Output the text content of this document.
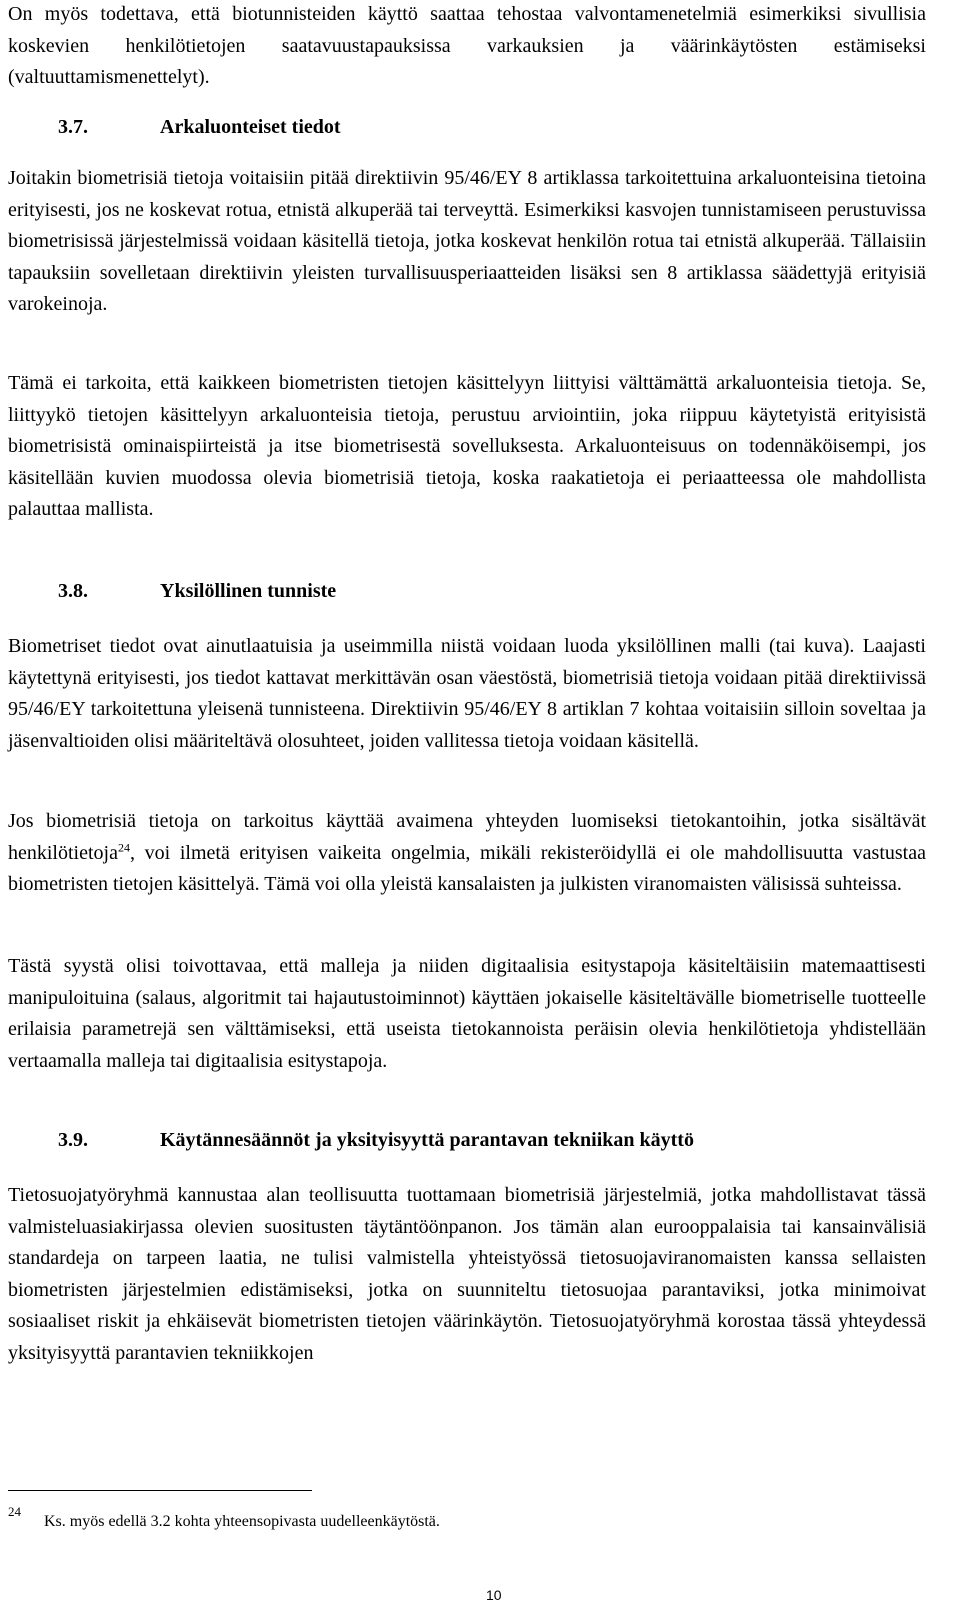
On myös todettava, että biotunnisteiden käyttö saattaa tehostaa valvontamenetelmiä esimerkiksi sivullisia koskevien henkilötietojen saatavuustapauksissa varkauksien ja väärinkäytösten estämiseksi (valtuuttamismenettelyt).

3.7.	Arkaluonteiset tiedot

Joitakin biometrisiä tietoja voitaisiin pitää direktiivin 95/46/EY 8 artiklassa tarkoitettuina arkaluonteisina tietoina erityisesti, jos ne koskevat rotua, etnistä alkuperää tai terveyttä. Esimerkiksi kasvojen tunnistamiseen perustuvissa biometrisissä järjestelmissä voidaan käsitellä tietoja, jotka koskevat henkilön rotua tai etnistä alkuperää. Tällaisiin tapauksiin sovelletaan direktiivin yleisten turvallisuusperiaatteiden lisäksi sen 8 artiklassa säädettyjä erityisiä varokeinoja.

Tämä ei tarkoita, että kaikkeen biometristen tietojen käsittelyyn liittyisi välttämättä arkaluonteisia tietoja. Se, liittyykö tietojen käsittelyyn arkaluonteisia tietoja, perustuu arviointiin, joka riippuu käytetyistä erityisistä biometrisistä ominaispiirteistä ja itse biometrisestä sovelluksesta. Arkaluonteisuus on todennäköisempi, jos käsitellään kuvien muodossa olevia biometrisiä tietoja, koska raakatietoja ei periaatteessa ole mahdollista palauttaa mallista.

3.8.	Yksilöllinen tunniste

Biometriset tiedot ovat ainutlaatuisia ja useimmilla niistä voidaan luoda yksilöllinen malli (tai kuva). Laajasti käytettynä erityisesti, jos tiedot kattavat merkittävän osan väestöstä, biometrisiä tietoja voidaan pitää direktiivissä 95/46/EY tarkoitettuna yleisenä tunnisteena. Direktiivin 95/46/EY 8 artiklan 7 kohtaa voitaisiin silloin soveltaa ja jäsenvaltioiden olisi määriteltävä olosuhteet, joiden vallitessa tietoja voidaan käsitellä.

Jos biometrisiä tietoja on tarkoitus käyttää avaimena yhteyden luomiseksi tietokantoihin, jotka sisältävät henkilötietoja$^{24}$, voi ilmetä erityisen vaikeita ongelmia, mikäli rekisteröidyllä ei ole mahdollisuutta vastustaa biometristen tietojen käsittelyä. Tämä voi olla yleistä kansalaisten ja julkisten viranomaisten välisissä suhteissa.

Tästä syystä olisi toivottavaa, että malleja ja niiden digitaalisia esitystapoja käsiteltäisiin matemaattisesti manipuloituina (salaus, algoritmit tai hajautustoiminnot) käyttäen jokaiselle käsiteltävälle biometriselle tuotteelle erilaisia parametrejä sen välttämiseksi, että useista tietokannoista peräisin olevia henkilötietoja yhdistellään vertaamalla malleja tai digitaalisia esitystapoja.

3.9.	Käytännesäännöt ja yksityisyyttä parantavan tekniikan käyttö

Tietosuojatyöryhmä kannustaa alan teollisuutta tuottamaan biometrisiä järjestelmiä, jotka mahdollistavat tässä valmisteluasiakirjassa olevien suositusten täytäntöönpanon. Jos tämän alan eurooppalaisia tai kansainvälisiä standardeja on tarpeen laatia, ne tulisi valmistella yhteistyössä tietosuojaviranomaisten kanssa sellaisten biometristen järjestelmien edistämiseksi, jotka on suunniteltu tietosuojaa parantaviksi, jotka minimoivat sosiaaliset riskit ja ehkäisevät biometristen tietojen väärinkäytön. Tietosuojatyöryhmä korostaa tässä yhteydessä yksityisyyttä parantavien tekniikkojen

24
Ks. myös edellä 3.2 kohta yhteensopivasta uudelleenkäytöstä.
10
